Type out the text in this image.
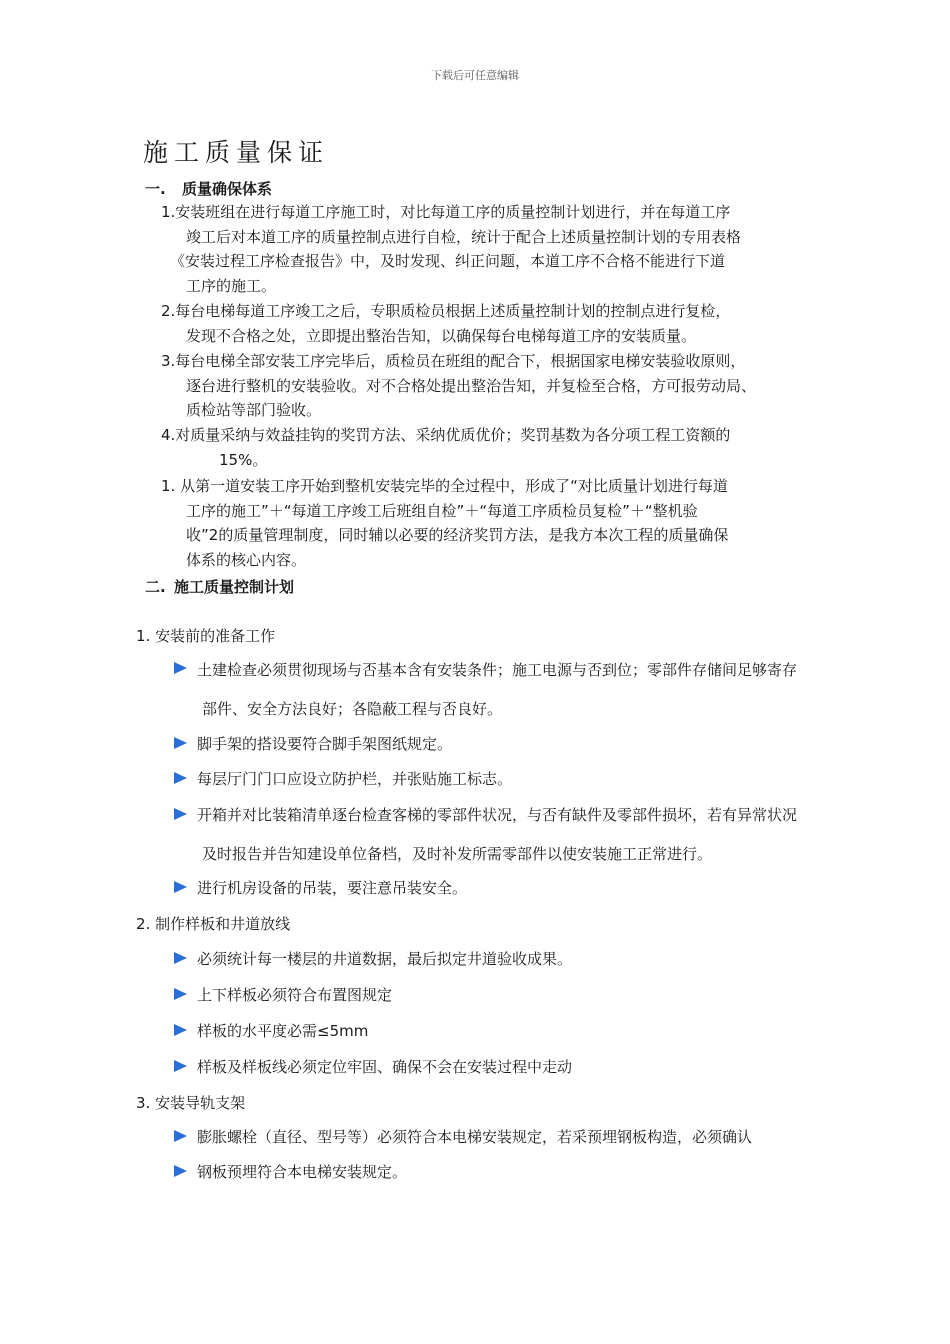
下载后可任意编辑
施工质量保证
一. 质量确保体系
1.安装班组在进行每道工序施工时，对比每道工序的质量控制计划进行，并在每道工序
竣工后对本道工序的质量控制点进行自检，统计于配合上述质量控制计划的专用表格
《安装过程工序检查报告》中，及时发现、纠正问题，本道工序不合格不能进行下道
工序的施工。
2.每台电梯每道工序竣工之后，专职质检员根据上述质量控制计划的控制点进行复检，
发现不合格之处，立即提出整治告知，以确保每台电梯每道工序的安装质量。
3.每台电梯全部安装工序完毕后，质检员在班组的配合下，根据国家电梯安装验收原则，
逐台进行整机的安装验收。对不合格处提出整治告知，并复检至合格，方可报劳动局、
质检站等部门验收。
4.对质量采纳与效益挂钩的奖罚方法、采纳优质优价；奖罚基数为各分项工程工资额的
15%。
1. 从第一道安装工序开始到整机安装完毕的全过程中，形成了“对比质量计划进行每道
工序的施工”＋“每道工序竣工后班组自检”＋“每道工序质检员复检”＋“整机验
收”2的质量管理制度，同时辅以必要的经济奖罚方法，是我方本次工程的质量确保
体系的核心内容。
二. 施工质量控制计划
1. 安装前的准备工作
土建检查必须贯彻现场与否基本含有安装条件；施工电源与否到位；零部件存储间足够寄存
部件、安全方法良好；各隐蔽工程与否良好。
脚手架的搭设要符合脚手架图纸规定。
每层厅门门口应设立防护栏，并张贴施工标志。
开箱并对比装箱清单逐台检查客梯的零部件状况，与否有缺件及零部件损坏，若有异常状况
及时报告并告知建设单位备档，及时补发所需零部件以使安装施工正常进行。
进行机房设备的吊装，要注意吊装安全。
2. 制作样板和井道放线
必须统计每一楼层的井道数据，最后拟定井道验收成果。
上下样板必须符合布置图规定
样板的水平度必需≤5mm
样板及样板线必须定位牢固、确保不会在安装过程中走动
3. 安装导轨支架
膨胀螺栓（直径、型号等）必须符合本电梯安装规定，若采预埋钢板构造，必须确认
钢板预埋符合本电梯安装规定。
